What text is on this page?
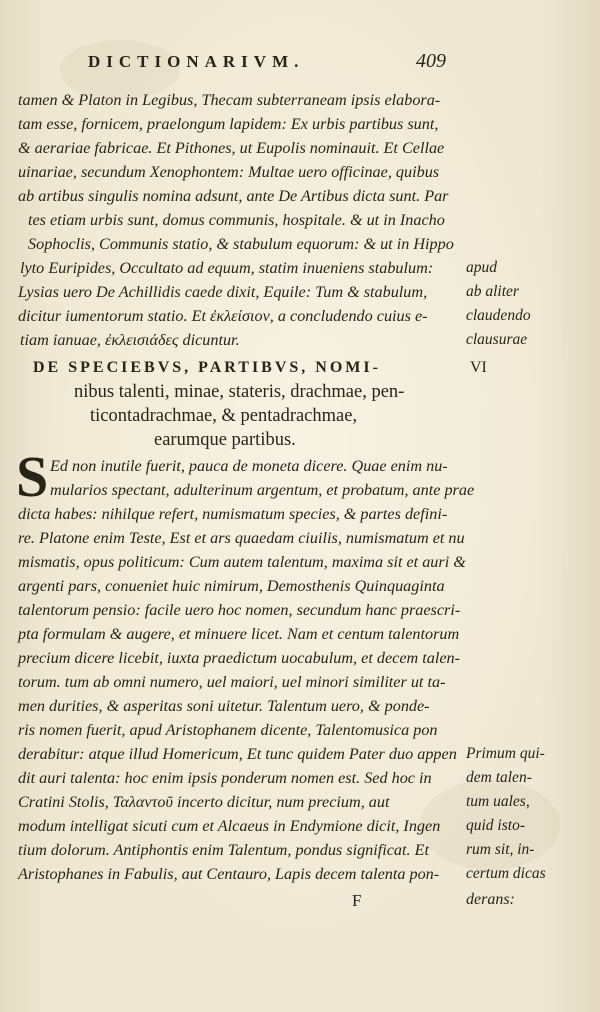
DICTIONARIVM.	409
tamen & Platon in Legibus, Thecam subterraneam ipsis elabora-
tam esse, fornicem, praelongum lapidem: Ex urbis partibus sunt,
& aerariae fabricae. Et Pithones, ut Eupolis nominauit. Et Cellae
uinariae, secundum Xenophontem: Multae uero officinae, quibus
ab artibus singulis nomina adsunt, ante De Artibus dicta sunt. Par
tes etiam urbis sunt, domus communis, hospitale. & ut in Inacho
Sophoclis, Communis statio, & stabulum equorum: & ut in Hippo
lyto Euripides, Occultato ad equum, statim inueniens stabulum:
Lysias uero De Achillidis caede dixit, Equile: Tum & stabulum,
dicitur iumentorum statio. Et ἐκλείσιον, a concludendo cuius e-
tiam ianuae, ἐκλεισιάδες dicuntur.
apud
ab aliter
claudendo
clausurae
DE SPECIEBVS, PARTIBVS, NOMI-	VI
nibus talenti, minae, stateris, drachmae, pen-
ticontadrachmae, & pentadrachmae,
earumque partibus.
S Ed non inutile fuerit, pauca de moneta dicere. Quae enim nu-
mularios spectant, adulterinum argentum, et probatum, ante prae
dicta habes: nihilque refert, numismatum species, & partes defini-
re. Platone enim Teste, Est et ars quaedam ciuilis, numismatum et nu
mismatis, opus politicum: Cum autem talentum, maxima sit et auri &
argenti pars, conueniet huic nimirum, Demosthenis Quinquaginta
talentorum pensio: facile uero hoc nomen, secundum hanc praescri-
pta formulam & augere, et minuere licet. Nam et centum talentorum
precium dicere licebit, iuxta praedictum uocabulum, et decem talen-
torum. tum ab omni numero, uel maiori, uel minori similiter ut ta-
men durities, & asperitas soni uitetur. Talentum uero, & ponde-
ris nomen fuerit, apud Aristophanem dicente, Talentomusica pon
derabitur: atque illud Homericum, Et tunc quidem Pater duo appen
dit auri talenta: hoc enim ipsis ponderum nomen est. Sed hoc in
Cratini Stolis, Ταλαντοῦ incerto dicitur, num precium, aut
modum intelligat sicuti cum et Alcaeus in Endymione dicit, Ingen
tium dolorum. Antiphontis enim Talentum, pondus significat. Et
Aristophanes in Fabulis, aut Centauro, Lapis decem talenta pon-
Primum qui-
dem talen-
tum uales,
quid isto-
rum sit, in-
certum dicas
F	derans:
